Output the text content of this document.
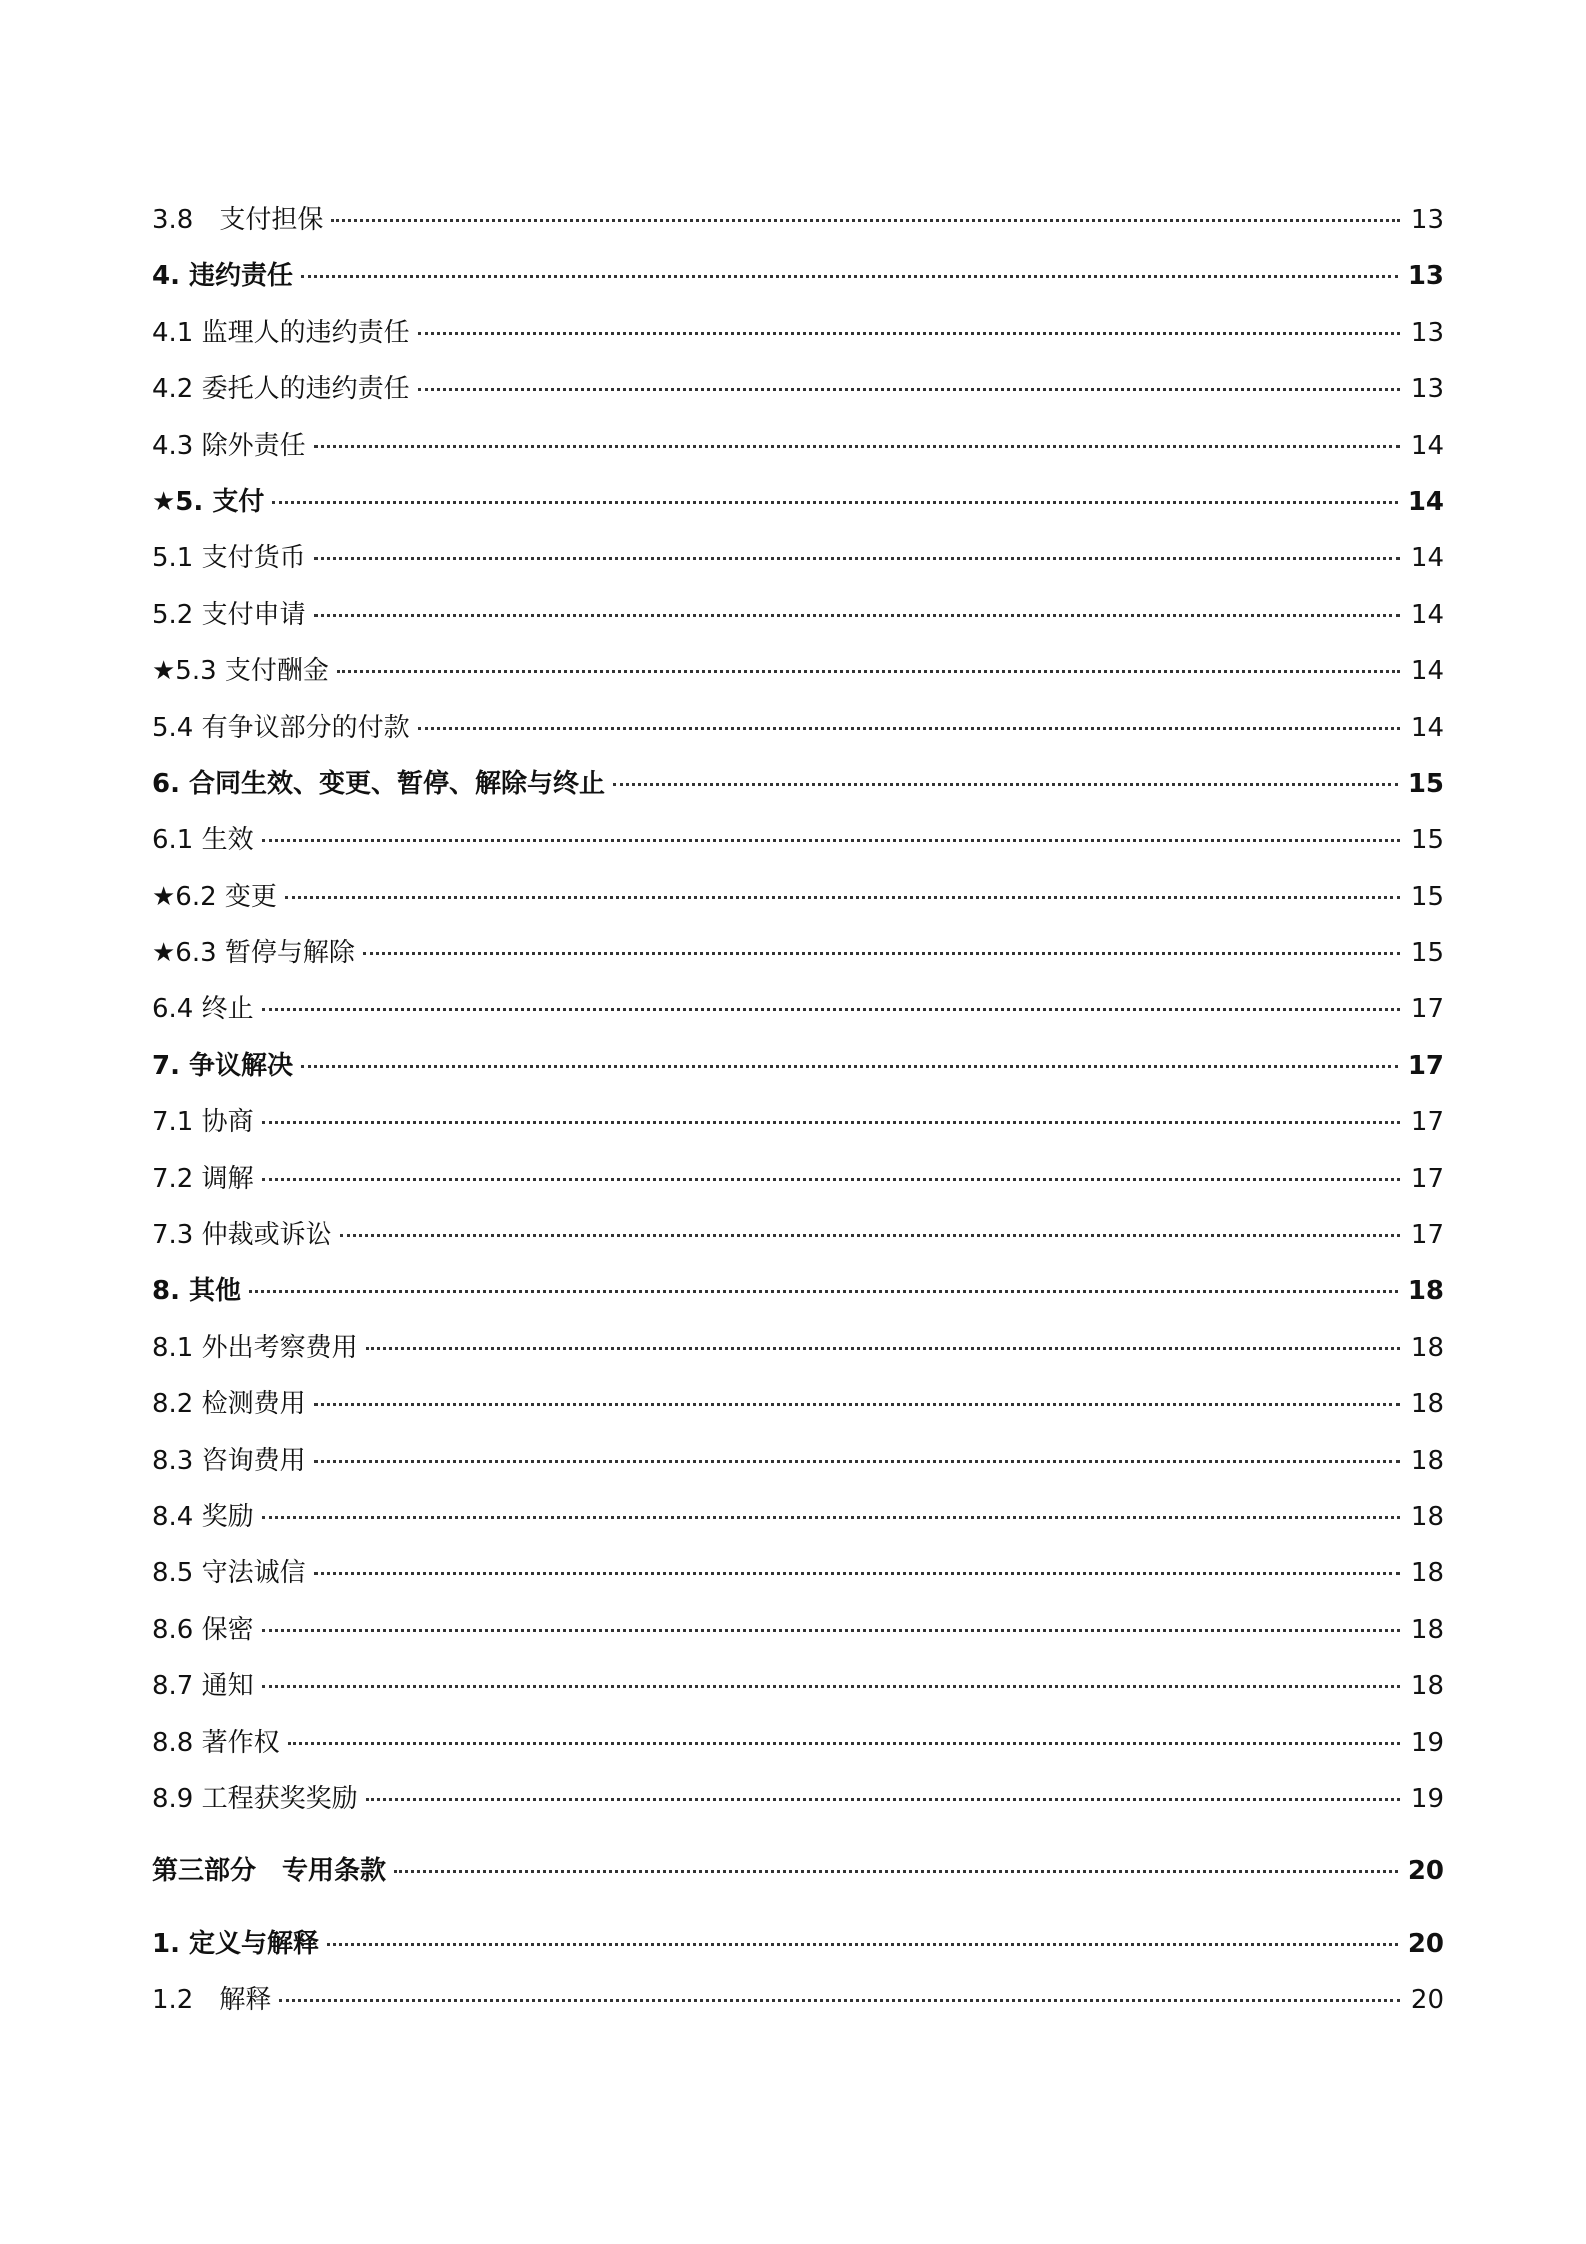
3.8　支付担保	13
4. 违约责任	13
4.1 监理人的违约责任	13
4.2 委托人的违约责任	13
4.3 除外责任	14
★5. 支付	14
5.1 支付货币	14
5.2 支付申请	14
★5.3 支付酬金	14
5.4 有争议部分的付款	14
6. 合同生效、变更、暂停、解除与终止	15
6.1 生效	15
★6.2 变更	15
★6.3 暂停与解除	15
6.4 终止	17
7. 争议解决	17
7.1 协商	17
7.2 调解	17
7.3 仲裁或诉讼	17
8. 其他	18
8.1 外出考察费用	18
8.2 检测费用	18
8.3 咨询费用	18
8.4 奖励	18
8.5 守法诚信	18
8.6 保密	18
8.7 通知	18
8.8 著作权	19
8.9 工程获奖奖励	19
第三部分　专用条款	20
1. 定义与解释	20
1.2　解释	20
